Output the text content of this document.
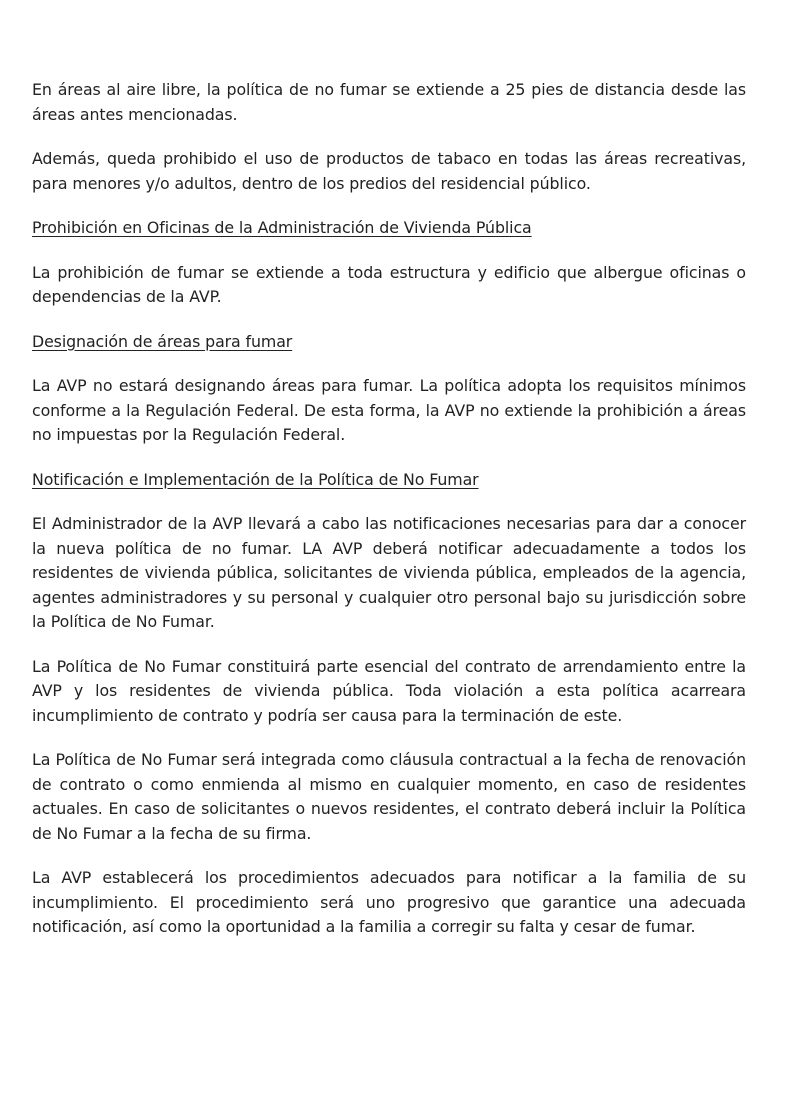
En áreas al aire libre, la política de no fumar se extiende a 25 pies de distancia desde las áreas antes mencionadas.

Además, queda prohibido el uso de productos de tabaco en todas las áreas recreativas, para menores y/o adultos, dentro de los predios del residencial público.

Prohibición en Oficinas de la Administración de Vivienda Pública

La prohibición de fumar se extiende a toda estructura y edificio que albergue oficinas o dependencias de la AVP.

Designación de áreas para fumar

La AVP no estará designando áreas para fumar. La política adopta los requisitos mínimos conforme a la Regulación Federal. De esta forma, la AVP no extiende la prohibición a áreas no impuestas por la Regulación Federal.

Notificación e Implementación de la Política de No Fumar

El Administrador de la AVP llevará a cabo las notificaciones necesarias para dar a conocer la nueva política de no fumar. LA AVP deberá notificar adecuadamente a todos los residentes de vivienda pública, solicitantes de vivienda pública, empleados de la agencia, agentes administradores y su personal y cualquier otro personal bajo su jurisdicción sobre la Política de No Fumar.

La Política de No Fumar constituirá parte esencial del contrato de arrendamiento entre la AVP y los residentes de vivienda pública. Toda violación a esta política acarreara incumplimiento de contrato y podría ser causa para la terminación de este.

La Política de No Fumar será integrada como cláusula contractual a la fecha de renovación de contrato o como enmienda al mismo en cualquier momento, en caso de residentes actuales. En caso de solicitantes o nuevos residentes, el contrato deberá incluir la Política de No Fumar a la fecha de su firma.

La AVP establecerá los procedimientos adecuados para notificar a la familia de su incumplimiento. El procedimiento será uno progresivo que garantice una adecuada notificación, así como la oportunidad a la familia a corregir su falta y cesar de fumar.
